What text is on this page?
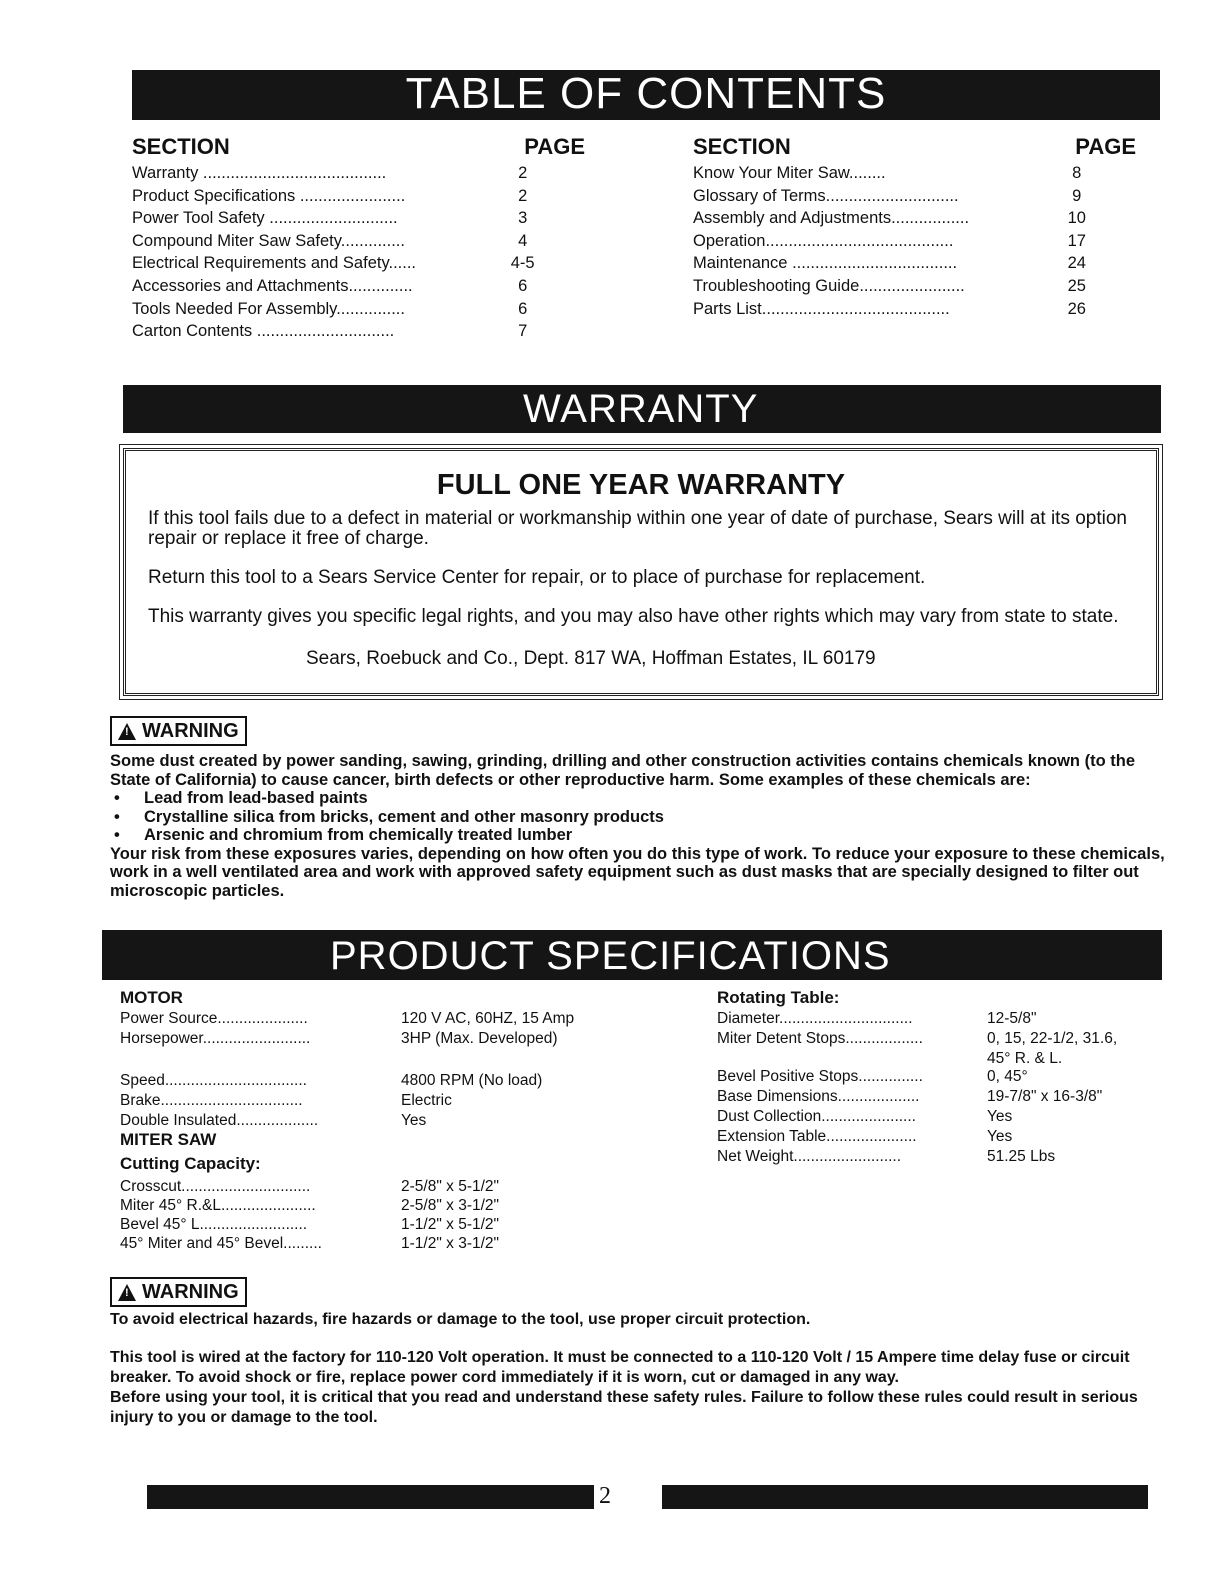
TABLE OF CONTENTS
SECTION	PAGE
Warranty ........................................	2
Product Specifications .......................	2
Power Tool Safety ............................	3
Compound Miter Saw Safety..............	4
Electrical Requirements and Safety......	4-5
Accessories and Attachments..............	6
Tools Needed For Assembly...............	6
Carton Contents ..............................	7
SECTION	PAGE
Know Your Miter Saw........	8
Glossary of Terms.............................	9
Assembly and Adjustments.................	10
Operation.........................................	17
Maintenance ....................................	24
Troubleshooting Guide.......................	25
Parts List.........................................	26
WARRANTY
FULL ONE YEAR WARRANTY
If this tool fails due to a defect in material or workmanship within one year of date of purchase, Sears will at its option repair or replace it free of charge.
Return this tool to a Sears Service Center for repair, or to place of purchase for replacement.
This warranty gives you specific legal rights, and you may also have other rights which may vary from state to state.
Sears, Roebuck and Co., Dept. 817 WA, Hoffman Estates, IL 60179
!
WARNING

Some dust created by power sanding, sawing, grinding, drilling and other construction activities contains chemicals known (to the State of California) to cause cancer, birth defects or other reproductive harm. Some examples of these chemicals are:

• Lead from lead-based paints

• Crystalline silica from bricks, cement and other masonry products

• Arsenic and chromium from chemically treated lumber

Your risk from these exposures varies, depending on how often you do this type of work. To reduce your exposure to these chemicals, work in a well ventilated area and work with approved safety equipment such as dust masks that are specially designed to filter out microscopic particles.

PRODUCT SPECIFICATIONS
MOTOR
Power Source.....................	120 V AC, 60HZ, 15 Amp
Horsepower.........................	3HP (Max. Developed)
Speed.................................	4800 RPM (No load)
Brake.................................	Electric
Double Insulated...................	Yes
MITER SAW
Cutting Capacity:
Crosscut..............................	2-5/8" x 5-1/2"
Miter 45° R.&L......................	2-5/8" x 3-1/2"
Bevel 45° L.........................	1-1/2" x 5-1/2"
45° Miter and 45° Bevel.........	1-1/2" x 3-1/2"
Rotating Table:
Diameter...............................	12-5/8"
Miter Detent Stops..................	0, 15, 22-1/2, 31.6,
45° R. & L.
Bevel Positive Stops...............	0, 45°
Base Dimensions...................	19-7/8" x 16-3/8"
Dust Collection......................	Yes
Extension Table.....................	Yes
Net Weight.........................	51.25 Lbs
!
WARNING

To avoid electrical hazards, fire hazards or damage to the tool, use proper circuit protection.

This tool is wired at the factory for 110-120 Volt operation. It must be connected to a 110-120 Volt / 15 Ampere time delay fuse or circuit breaker. To avoid shock or fire, replace power cord immediately if it is worn, cut or damaged in any way.

Before using your tool, it is critical that you read and understand these safety rules. Failure to follow these rules could result in serious injury to you or damage to the tool.

2
